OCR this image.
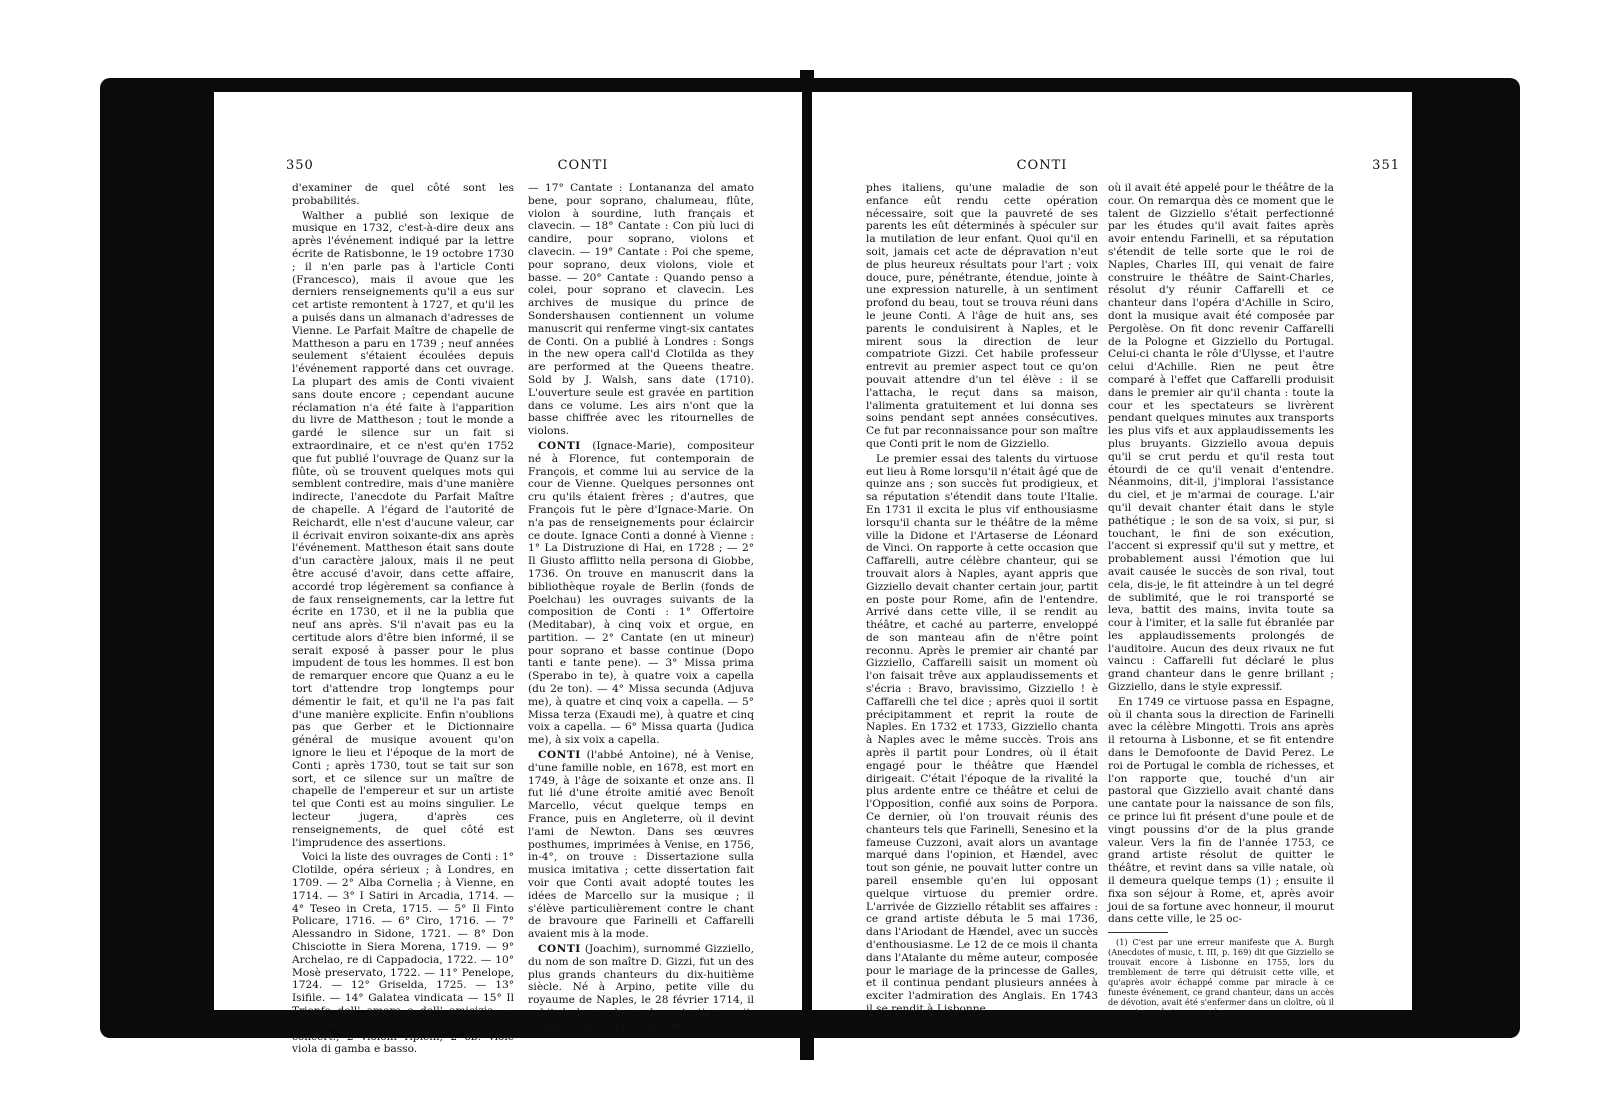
350	CONTI

d'examiner de quel côté sont les probabilités.

Walther a publié son lexique de musique en 1732, c'est-à-dire deux ans après l'événement indiqué par la lettre écrite de Ratisbonne, le 19 octobre 1730 ; il n'en parle pas à l'article Conti (Francesco), mais il avoue que les derniers renseignements qu'il a eus sur cet artiste remontent à 1727, et qu'il les a puisés dans un almanach d'adresses de Vienne. Le Parfait Maître de chapelle de Mattheson a paru en 1739 ; neuf années seulement s'étaient écoulées depuis l'événement rapporté dans cet ouvrage. La plupart des amis de Conti vivaient sans doute encore ; cependant aucune réclamation n'a été faite à l'apparition du livre de Mattheson ; tout le monde a gardé le silence sur un fait si extraordinaire, et ce n'est qu'en 1752 que fut publié l'ouvrage de Quanz sur la flûte, où se trouvent quelques mots qui semblent contredire, mais d'une manière indirecte, l'anecdote du Parfait Maître de chapelle. A l'égard de l'autorité de Reichardt, elle n'est d'aucune valeur, car il écrivait environ soixante-dix ans après l'événement. Mattheson était sans doute d'un caractère jaloux, mais il ne peut être accusé d'avoir, dans cette affaire, accordé trop légèrement sa confiance à de faux renseignements, car la lettre fut écrite en 1730, et il ne la publia que neuf ans après. S'il n'avait pas eu la certitude alors d'être bien informé, il se serait exposé à passer pour le plus impudent de tous les hommes. Il est bon de remarquer encore que Quanz a eu le tort d'attendre trop longtemps pour démentir le fait, et qu'il ne l'a pas fait d'une manière explicite. Enfin n'oublions pas que Gerber et le Dictionnaire général de musique avouent qu'on ignore le lieu et l'époque de la mort de Conti ; après 1730, tout se tait sur son sort, et ce silence sur un maître de chapelle de l'empereur et sur un artiste tel que Conti est au moins singulier. Le lecteur jugera, d'après ces renseignements, de quel côté est l'imprudence des assertions.

Voici la liste des ouvrages de Conti : 1° Clotilde, opéra sérieux ; à Londres, en 1709. — 2° Alba Cornelia ; à Vienne, en 1714. — 3° I Satiri in Arcadia, 1714. — 4° Teseo in Creta, 1715. — 5° Il Finto Policare, 1716. — 6° Ciro, 1716. — 7° Alessandro in Sidone, 1721. — 8° Don Chisciotte in Siera Morena, 1719. — 9° Archelao, re di Cappadocia, 1722. — 10° Mosè preservato, 1722. — 11° Penelope, 1724. — 12° Griselda, 1725. — 13° Isifile. — 14° Galatea vindicata — 15° Il Trionfo dell' amore e dell' amicizia. — 16° Mottetto a soprano solo, 2 viol. concert., 2 violoni ripieni, 2 ob. viole viola di gamba e basso.

— 17° Cantate : Lontananza del amato bene, pour soprano, chalumeau, flûte, violon à sourdine, luth français et clavecin. — 18° Cantate : Con più luci di candire, pour soprano, violons et clavecin. — 19° Cantate : Poi che speme, pour soprano, deux violons, viole et basse. — 20° Cantate : Quando penso a colei, pour soprano et clavecin. Les archives de musique du prince de Sondershausen contiennent un volume manuscrit qui renferme vingt-six cantates de Conti. On a publié à Londres : Songs in the new opera call'd Clotilda as they are performed at the Queens theatre. Sold by J. Walsh, sans date (1710). L'ouverture seule est gravée en partition dans ce volume. Les airs n'ont que la basse chiffrée avec les ritournelles de violons.

CONTI (Ignace-Marie), compositeur né à Florence, fut contemporain de François, et comme lui au service de la cour de Vienne. Quelques personnes ont cru qu'ils étaient frères ; d'autres, que François fut le père d'Ignace-Marie. On n'a pas de renseignements pour éclaircir ce doute. Ignace Conti a donné à Vienne : 1° La Distruzione di Hai, en 1728 ; — 2° Il Giusto afflitto nella persona di Giobbe, 1736. On trouve en manuscrit dans la bibliothèque royale de Berlin (fonds de Poelchau) les ouvrages suivants de la composition de Conti : 1° Offertoire (Meditabar), à cinq voix et orgue, en partition. — 2° Cantate (en ut mineur) pour soprano et basse continue (Dopo tanti e tante pene). — 3° Missa prima (Sperabo in te), à quatre voix a capella (du 2e ton). — 4° Missa secunda (Adjuva me), à quatre et cinq voix a capella. — 5° Missa terza (Exaudi me), à quatre et cinq voix a capella. — 6° Missa quarta (Judica me), à six voix a capella.

CONTI (l'abbé Antoine), né à Venise, d'une famille noble, en 1678, est mort en 1749, à l'âge de soixante et onze ans. Il fut lié d'une étroite amitié avec Benoît Marcello, vécut quelque temps en France, puis en Angleterre, où il devint l'ami de Newton. Dans ses œuvres posthumes, imprimées à Venise, en 1756, in-4°, on trouve : Dissertazione sulla musica imitativa ; cette dissertation fait voir que Conti avait adopté toutes les idées de Marcello sur la musique ; il s'élève particulièrement contre le chant de bravoure que Farinelli et Caffarelli avaient mis à la mode.

CONTI (Joachim), surnommé Gizziello, du nom de son maître D. Gizzi, fut un des plus grands chanteurs du dix-huitième siècle. Né à Arpino, petite ville du royaume de Naples, le 28 février 1714, il subit de bonne heure la castration ; soit, comme l'ont dit plusieurs biogra

CONTI	351

phes italiens, qu'une maladie de son enfance eût rendu cette opération nécessaire, soit que la pauvreté de ses parents les eût déterminés à spéculer sur la mutilation de leur enfant. Quoi qu'il en soit, jamais cet acte de dépravation n'eut de plus heureux résultats pour l'art ; voix douce, pure, pénétrante, étendue, jointe à une expression naturelle, à un sentiment profond du beau, tout se trouva réuni dans le jeune Conti. A l'âge de huit ans, ses parents le conduisirent à Naples, et le mirent sous la direction de leur compatriote Gizzi. Cet habile professeur entrevit au premier aspect tout ce qu'on pouvait attendre d'un tel élève : il se l'attacha, le reçut dans sa maison, l'alimenta gratuitement et lui donna ses soins pendant sept années consécutives. Ce fut par reconnaissance pour son maître que Conti prit le nom de Gizziello.

Le premier essai des talents du virtuose eut lieu à Rome lorsqu'il n'était âgé que de quinze ans ; son succès fut prodigieux, et sa réputation s'étendit dans toute l'Italie. En 1731 il excita le plus vif enthousiasme lorsqu'il chanta sur le théâtre de la même ville la Didone et l'Artaserse de Léonard de Vinci. On rapporte à cette occasion que Caffarelli, autre célèbre chanteur, qui se trouvait alors à Naples, ayant appris que Gizziello devait chanter certain jour, partit en poste pour Rome, afin de l'entendre. Arrivé dans cette ville, il se rendit au théâtre, et caché au parterre, enveloppé de son manteau afin de n'être point reconnu. Après le premier air chanté par Gizziello, Caffarelli saisit un moment où l'on faisait trêve aux applaudissements et s'écria : Bravo, bravissimo, Gizziello ! è Caffarelli che tel dice ; après quoi il sortit précipitamment et reprit la route de Naples. En 1732 et 1733, Gizziello chanta à Naples avec le même succès. Trois ans après il partit pour Londres, où il était engagé pour le théâtre que Hændel dirigeait. C'était l'époque de la rivalité la plus ardente entre ce théâtre et celui de l'Opposition, confié aux soins de Porpora. Ce dernier, où l'on trouvait réunis des chanteurs tels que Farinelli, Senesino et la fameuse Cuzzoni, avait alors un avantage marqué dans l'opinion, et Hændel, avec tout son génie, ne pouvait lutter contre un pareil ensemble qu'en lui opposant quelque virtuose du premier ordre. L'arrivée de Gizziello rétablit ses affaires : ce grand artiste débuta le 5 mai 1736, dans l'Ariodant de Hændel, avec un succès d'enthousiasme. Le 12 de ce mois il chanta dans l'Atalante du même auteur, composée pour le mariage de la princesse de Galles, et il continua pendant plusieurs années à exciter l'admiration des Anglais. En 1743 il se rendit à Lisbonne,

où il avait été appelé pour le théâtre de la cour. On remarqua dès ce moment que le talent de Gizziello s'était perfectionné par les études qu'il avait faites après avoir entendu Farinelli, et sa réputation s'étendit de telle sorte que le roi de Naples, Charles III, qui venait de faire construire le théâtre de Saint-Charles, résolut d'y réunir Caffarelli et ce chanteur dans l'opéra d'Achille in Sciro, dont la musique avait été composée par Pergolèse. On fit donc revenir Caffarelli de la Pologne et Gizziello du Portugal. Celui-ci chanta le rôle d'Ulysse, et l'autre celui d'Achille. Rien ne peut être comparé à l'effet que Caffarelli produisit dans le premier air qu'il chanta : toute la cour et les spectateurs se livrèrent pendant quelques minutes aux transports les plus vifs et aux applaudissements les plus bruyants. Gizziello avoua depuis qu'il se crut perdu et qu'il resta tout étourdi de ce qu'il venait d'entendre. Néanmoins, dit-il, j'implorai l'assistance du ciel, et je m'armai de courage. L'air qu'il devait chanter était dans le style pathétique ; le son de sa voix, si pur, si touchant, le fini de son exécution, l'accent si expressif qu'il sut y mettre, et probablement aussi l'émotion que lui avait causée le succès de son rival, tout cela, dis-je, le fit atteindre à un tel degré de sublimité, que le roi transporté se leva, battit des mains, invita toute sa cour à l'imiter, et la salle fut ébranlée par les applaudissements prolongés de l'auditoire. Aucun des deux rivaux ne fut vaincu : Caffarelli fut déclaré le plus grand chanteur dans le genre brillant ; Gizziello, dans le style expressif.

En 1749 ce virtuose passa en Espagne, où il chanta sous la direction de Farinelli avec la célèbre Mingotti. Trois ans après il retourna à Lisbonne, et se fit entendre dans le Demofoonte de David Perez. Le roi de Portugal le combla de richesses, et l'on rapporte que, touché d'un air pastoral que Gizziello avait chanté dans une cantate pour la naissance de son fils, ce prince lui fit présent d'une poule et de vingt poussins d'or de la plus grande valeur. Vers la fin de l'année 1753, ce grand artiste résolut de quitter le théâtre, et revint dans sa ville natale, où il demeura quelque temps (1) ; ensuite il fixa son séjour à Rome, et, après avoir joui de sa fortune avec honneur, il mourut dans cette ville, le 25 oc-

(1) C'est par une erreur manifeste que A. Burgh (Anecdotes of music, t. III, p. 169) dit que Gizziello se trouvait encore à Lisbonne en 1755, lors du tremblement de terre qui détruisit cette ville, et qu'après avoir échappé comme par miracle à ce funeste événement, ce grand chanteur, dans un accès de dévotion, avait été s'enfermer dans un cloître, où il mourut peu de temps après.
